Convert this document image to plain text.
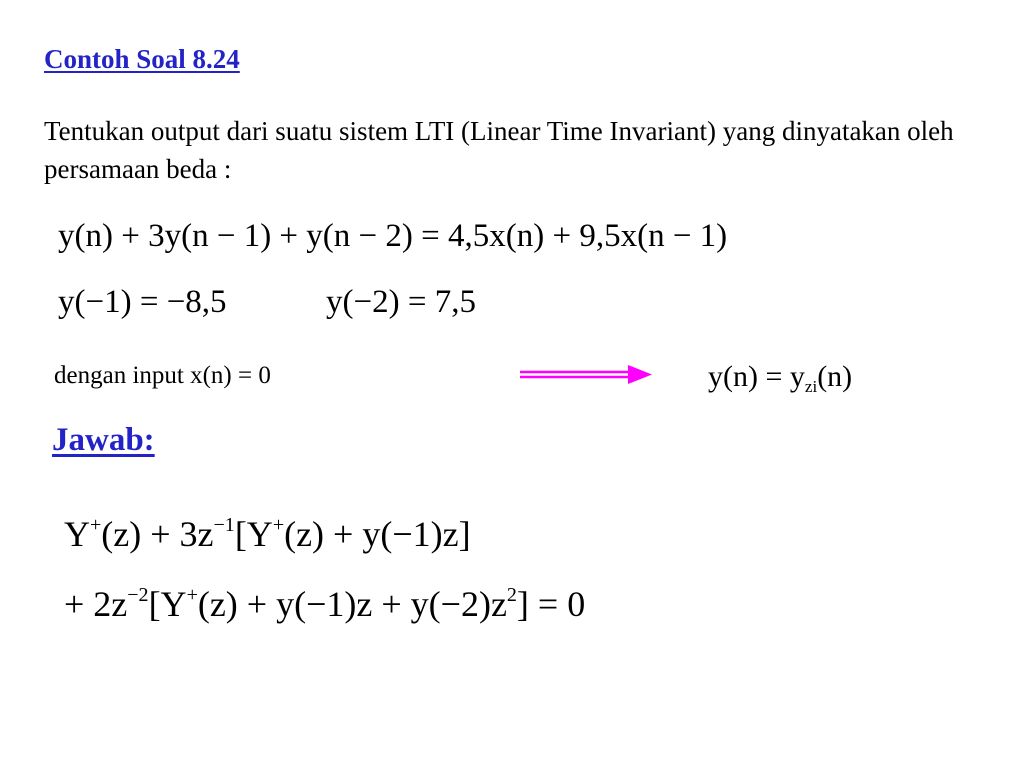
Contoh Soal 8.24
Tentukan output dari suatu sistem LTI (Linear Time Invariant) yang dinyatakan oleh persamaan beda :
y(n) + 3y(n − 1) + y(n − 2) = 4,5x(n) + 9,5x(n − 1)
y(−1) = −8,5	y(−2) = 7,5
dengan input x(n) = 0	$y(n) = y_{zi}(n)$
Jawab:
$Y^+(z) + 3z^{-1}[Y^+(z) + y(-1)z]$
+ $2z^{-2}[Y^+(z) + y(-1)z + y(-2)z^2] = 0$
